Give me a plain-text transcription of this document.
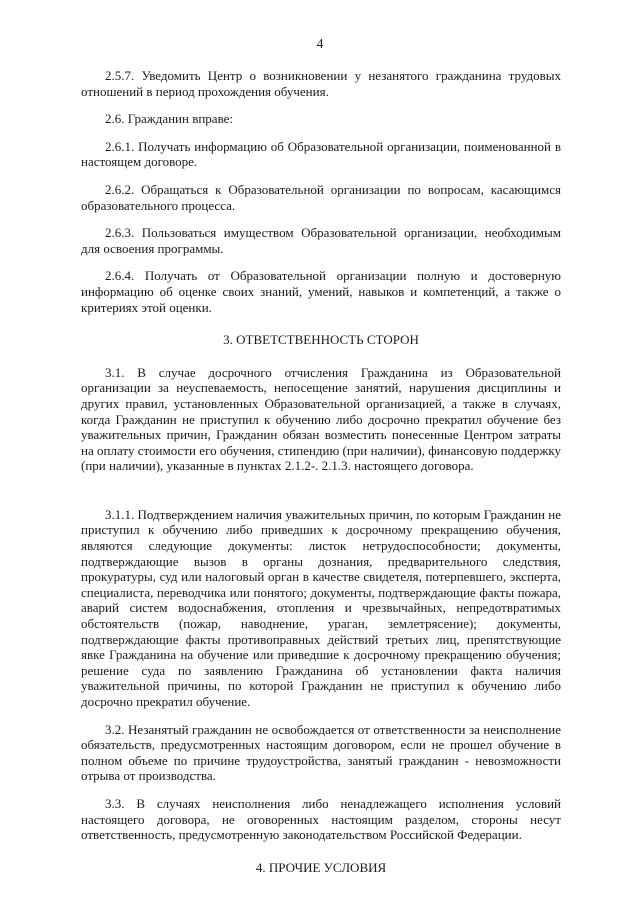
4

2.5.7. Уведомить Центр о возникновении у незанятого гражданина трудовых отношений в период прохождения обучения.

2.6. Гражданин вправе:

2.6.1. Получать информацию об Образовательной организации, поименованной в настоящем договоре.

2.6.2. Обращаться к Образовательной организации по вопросам, касающимся образовательного процесса.

2.6.3. Пользоваться имуществом Образовательной организации, необходимым для освоения программы.

2.6.4. Получать от Образовательной организации полную и достоверную информацию об оценке своих знаний, умений, навыков и компетенций, а также о критериях этой оценки.

3. ОТВЕТСТВЕННОСТЬ СТОРОН

3.1. В случае досрочного отчисления Гражданина из Образовательной организации за неуспеваемость, непосещение занятий, нарушения дисциплины и других правил, установленных Образовательной организацией, а также в случаях, когда Гражданин не приступил к обучению либо досрочно прекратил обучение без уважительных причин, Гражданин обязан возместить понесенные Центром затраты на оплату стоимости его обучения, стипендию (при наличии), финансовую поддержку (при наличии), указанные в пунктах 2.1.2-. 2.1.3. настоящего договора.

3.1.1. Подтверждением наличия уважительных причин, по которым Гражданин не приступил к обучению либо приведших к досрочному прекращению обучения, являются следующие документы: листок нетрудоспособности; документы, подтверждающие вызов в органы дознания, предварительного следствия, прокуратуры, суд или налоговый орган в качестве свидетеля, потерпевшего, эксперта, специалиста, переводчика или понятого; документы, подтверждающие факты пожара, аварий систем водоснабжения, отопления и чрезвычайных, непредотвратимых обстоятельств (пожар, наводнение, ураган, землетрясение); документы, подтверждающие факты противоправных действий третьих лиц, препятствующие явке Гражданина на обучение или приведшие к досрочному прекращению обучения; решение суда по заявлению Гражданина об установлении факта наличия уважительной причины, по которой Гражданин не приступил к обучению либо досрочно прекратил обучение.

3.2. Незанятый гражданин не освобождается от ответственности за неисполнение обязательств, предусмотренных настоящим договором, если не прошел обучение в полном объеме по причине трудоустройства, занятый гражданин - невозможности отрыва от производства.

3.3. В случаях неисполнения либо ненадлежащего исполнения условий настоящего договора, не оговоренных настоящим разделом, стороны несут ответственность, предусмотренную законодательством Российской Федерации.

4. ПРОЧИЕ УСЛОВИЯ
